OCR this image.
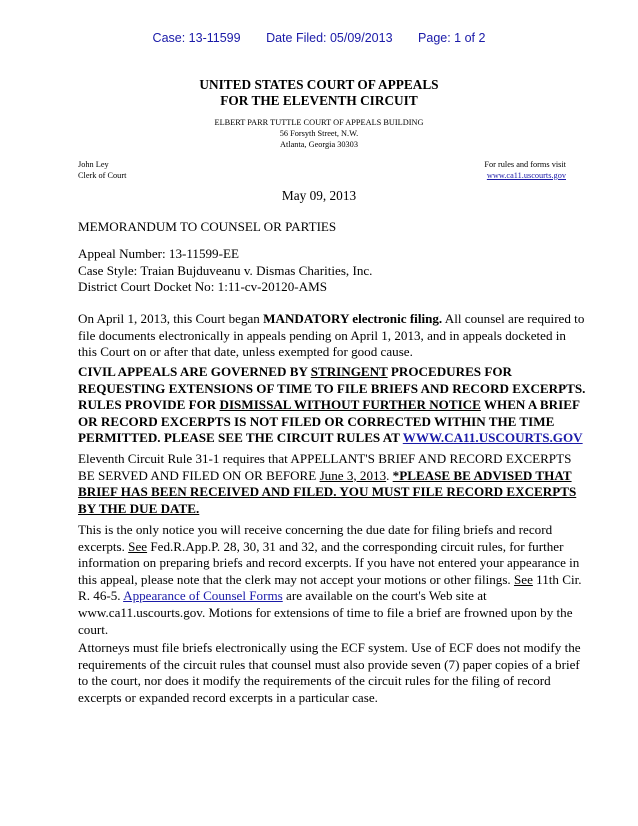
Case: 13-11599 Date Filed: 05/09/2013 Page: 1 of 2
UNITED STATES COURT OF APPEALS
FOR THE ELEVENTH CIRCUIT
ELBERT PARR TUTTLE COURT OF APPEALS BUILDING
56 Forsyth Street, N.W.
Atlanta, Georgia 30303
John Ley
Clerk of Court
For rules and forms visit
www.ca11.uscourts.gov
May 09, 2013
MEMORANDUM TO COUNSEL OR PARTIES
Appeal Number: 13-11599-EE
Case Style: Traian Bujduveanu v. Dismas Charities, Inc.
District Court Docket No: 1:11-cv-20120-AMS
On April 1, 2013, this Court began MANDATORY electronic filing. All counsel are required to
file documents electronically in appeals pending on April 1, 2013, and in appeals docketed in
this Court on or after that date, unless exempted for good cause.
CIVIL APPEALS ARE GOVERNED BY STRINGENT PROCEDURES FOR
REQUESTING EXTENSIONS OF TIME TO FILE BRIEFS AND RECORD EXCERPTS.
RULES PROVIDE FOR DISMISSAL WITHOUT FURTHER NOTICE WHEN A BRIEF
OR RECORD EXCERPTS IS NOT FILED OR CORRECTED WITHIN THE TIME
PERMITTED. PLEASE SEE THE CIRCUIT RULES AT WWW.CA11.USCOURTS.GOV
Eleventh Circuit Rule 31-1 requires that APPELLANT'S BRIEF AND RECORD EXCERPTS
BE SERVED AND FILED ON OR BEFORE June 3, 2013. *PLEASE BE ADVISED THAT
BRIEF HAS BEEN RECEIVED AND FILED. YOU MUST FILE RECORD EXCERPTS
BY THE DUE DATE.
This is the only notice you will receive concerning the due date for filing briefs and record
excerpts. See Fed.R.App.P. 28, 30, 31 and 32, and the corresponding circuit rules, for further
information on preparing briefs and record excerpts. If you have not entered your appearance in
this appeal, please note that the clerk may not accept your motions or other filings. See 11th Cir.
R. 46-5. Appearance of Counsel Forms are available on the court's Web site at
www.ca11.uscourts.gov. Motions for extensions of time to file a brief are frowned upon by the
court.
Attorneys must file briefs electronically using the ECF system. Use of ECF does not modify the
requirements of the circuit rules that counsel must also provide seven (7) paper copies of a brief
to the court, nor does it modify the requirements of the circuit rules for the filing of record
excerpts or expanded record excerpts in a particular case.
